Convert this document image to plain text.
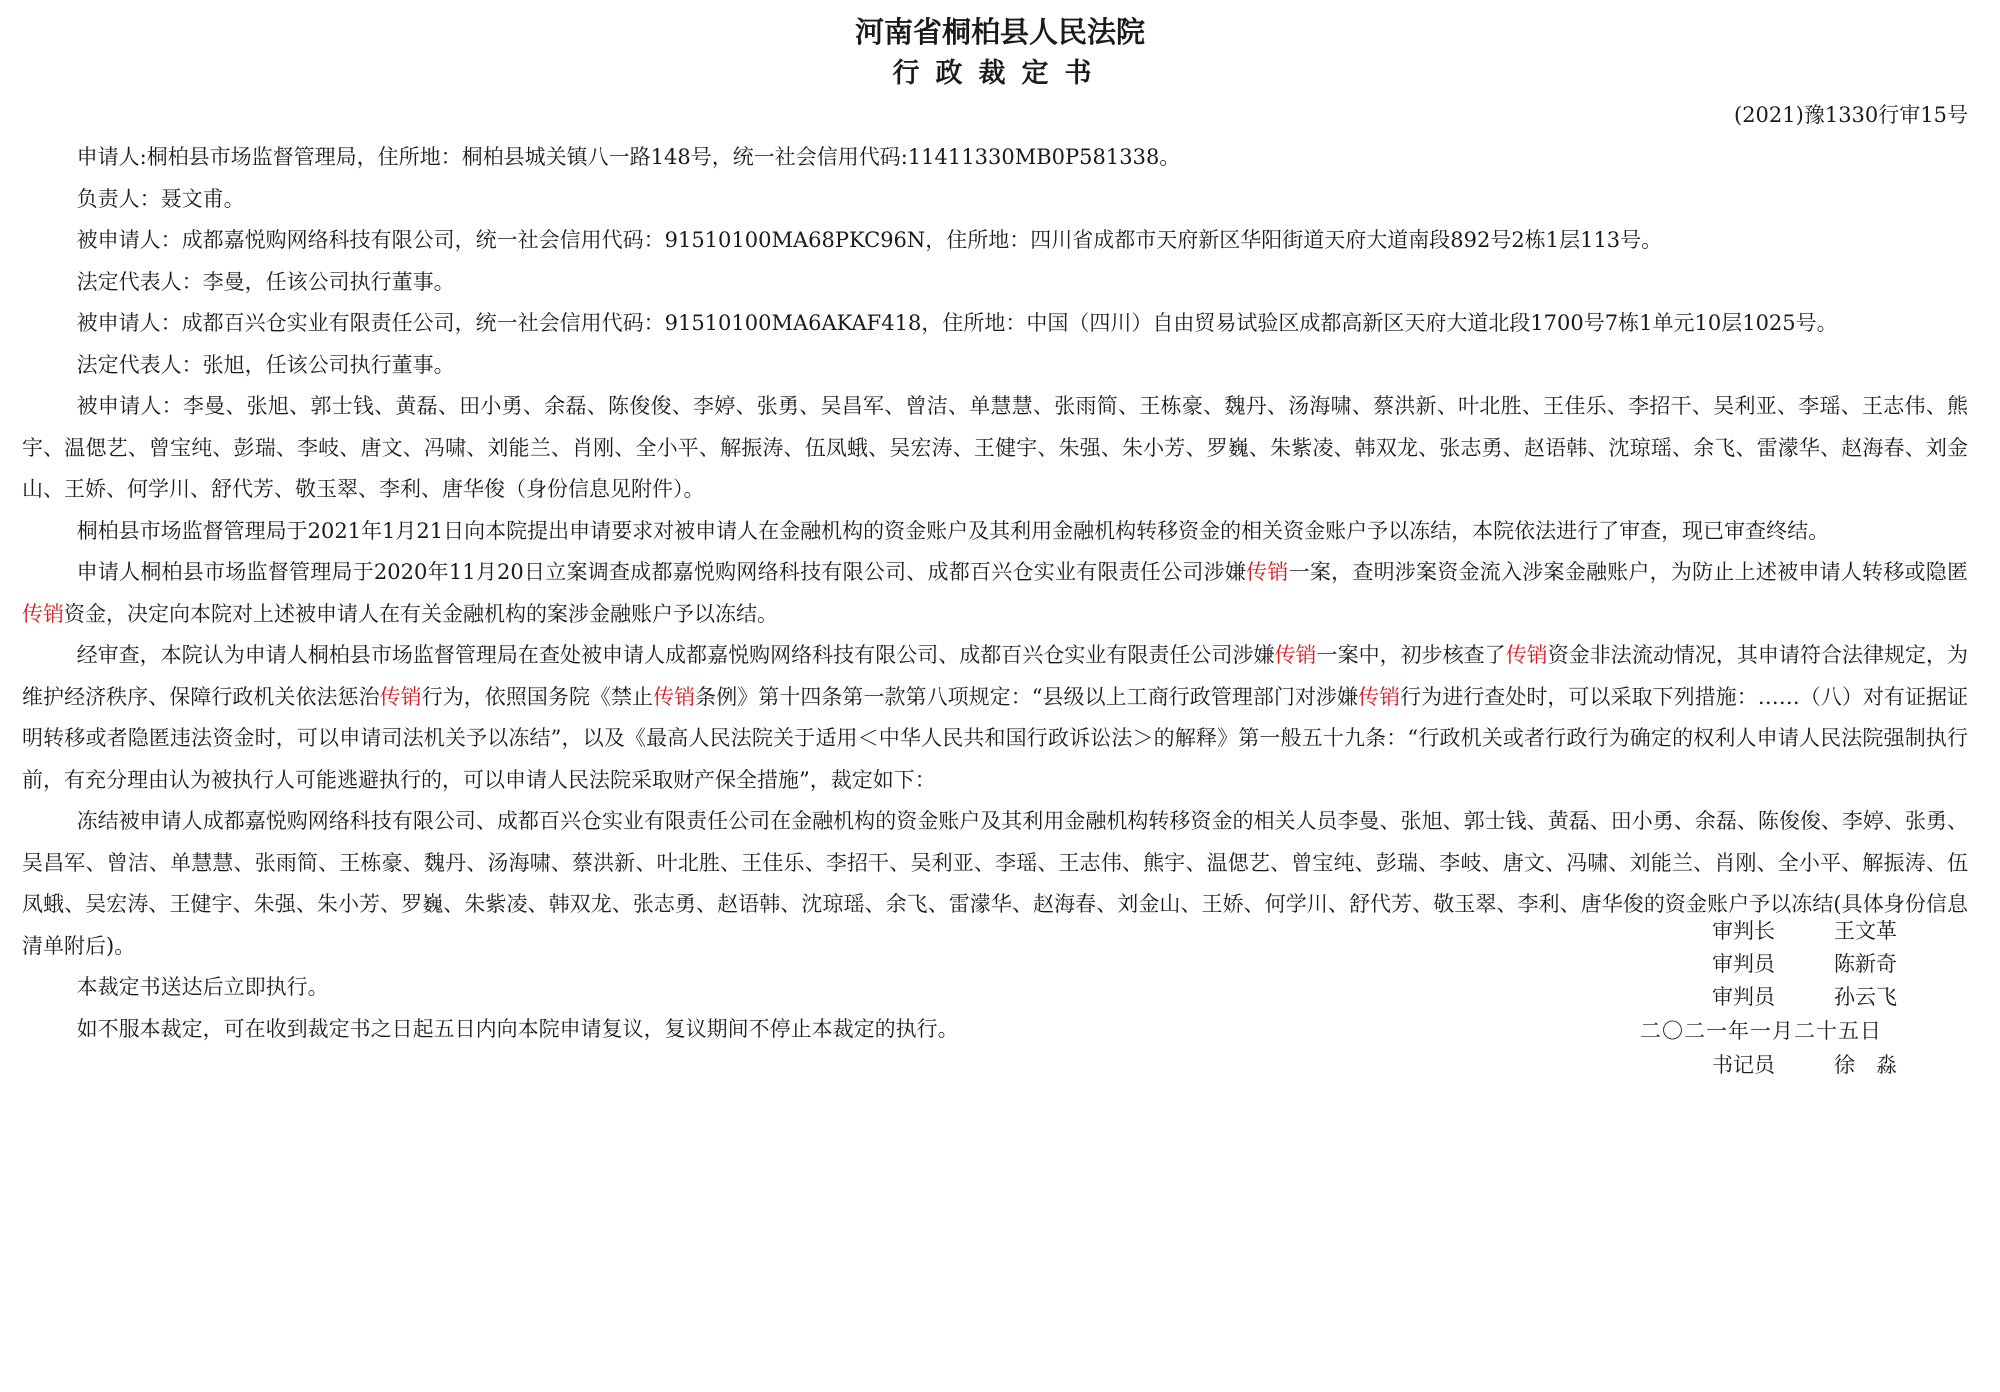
河南省桐柏县人民法院
行政裁定书
(2021)豫1330行审15号

申请人:桐柏县市场监督管理局，住所地：桐柏县城关镇八一路148号，统一社会信用代码:11411330MB0P581338。

负责人：聂文甫。

被申请人：成都嘉悦购网络科技有限公司，统一社会信用代码：91510100MA68PKC96N，住所地：四川省成都市天府新区华阳街道天府大道南段892号2栋1层113号。

法定代表人：李曼，任该公司执行董事。

被申请人：成都百兴仓实业有限责任公司，统一社会信用代码：91510100MA6AKAF418，住所地：中国（四川）自由贸易试验区成都高新区天府大道北段1700号7栋1单元10层1025号。

法定代表人：张旭，任该公司执行董事。

被申请人：李曼、张旭、郭士钱、黄磊、田小勇、余磊、陈俊俊、李婷、张勇、吴昌军、曾洁、单慧慧、张雨简、王栋豪、魏丹、汤海啸、蔡洪新、叶北胜、王佳乐、李招干、吴利亚、李瑶、王志伟、熊宇、温偲艺、曾宝纯、彭瑞、李岐、唐文、冯啸、刘能兰、肖刚、全小平、解振涛、伍凤蛾、吴宏涛、王健宇、朱强、朱小芳、罗巍、朱紫凌、韩双龙、张志勇、赵语韩、沈琼瑶、余飞、雷濛华、赵海春、刘金山、王娇、何学川、舒代芳、敬玉翠、李利、唐华俊（身份信息见附件）。

桐柏县市场监督管理局于2021年1月21日向本院提出申请要求对被申请人在金融机构的资金账户及其利用金融机构转移资金的相关资金账户予以冻结，本院依法进行了审查，现已审查终结。

申请人桐柏县市场监督管理局于2020年11月20日立案调查成都嘉悦购网络科技有限公司、成都百兴仓实业有限责任公司涉嫌传销一案，查明涉案资金流入涉案金融账户，为防止上述被申请人转移或隐匿传销资金，决定向本院对上述被申请人在有关金融机构的案涉金融账户予以冻结。

经审查，本院认为申请人桐柏县市场监督管理局在查处被申请人成都嘉悦购网络科技有限公司、成都百兴仓实业有限责任公司涉嫌传销一案中，初步核查了传销资金非法流动情况，其申请符合法律规定，为维护经济秩序、保障行政机关依法惩治传销行为，依照国务院《禁止传销条例》第十四条第一款第八项规定：“县级以上工商行政管理部门对涉嫌传销行为进行查处时，可以采取下列措施：……（八）对有证据证明转移或者隐匿违法资金时，可以申请司法机关予以冻结”，以及《最高人民法院关于适用＜中华人民共和国行政诉讼法＞的解释》第一般五十九条：“行政机关或者行政行为确定的权利人申请人民法院强制执行前，有充分理由认为被执行人可能逃避执行的，可以申请人民法院采取财产保全措施”，裁定如下：

冻结被申请人成都嘉悦购网络科技有限公司、成都百兴仓实业有限责任公司在金融机构的资金账户及其利用金融机构转移资金的相关人员李曼、张旭、郭士钱、黄磊、田小勇、余磊、陈俊俊、李婷、张勇、吴昌军、曾洁、单慧慧、张雨简、王栋豪、魏丹、汤海啸、蔡洪新、叶北胜、王佳乐、李招干、吴利亚、李瑶、王志伟、熊宇、温偲艺、曾宝纯、彭瑞、李岐、唐文、冯啸、刘能兰、肖刚、全小平、解振涛、伍凤蛾、吴宏涛、王健宇、朱强、朱小芳、罗巍、朱紫凌、韩双龙、张志勇、赵语韩、沈琼瑶、余飞、雷濛华、赵海春、刘金山、王娇、何学川、舒代芳、敬玉翠、李利、唐华俊的资金账户予以冻结(具体身份信息清单附后)。

本裁定书送达后立即执行。

如不服本裁定，可在收到裁定书之日起五日内向本院申请复议，复议期间不停止本裁定的执行。

审判长	王文革
审判员	陈新奇
审判员	孙云飞
二〇二一年一月二十五日
书记员	徐　淼
